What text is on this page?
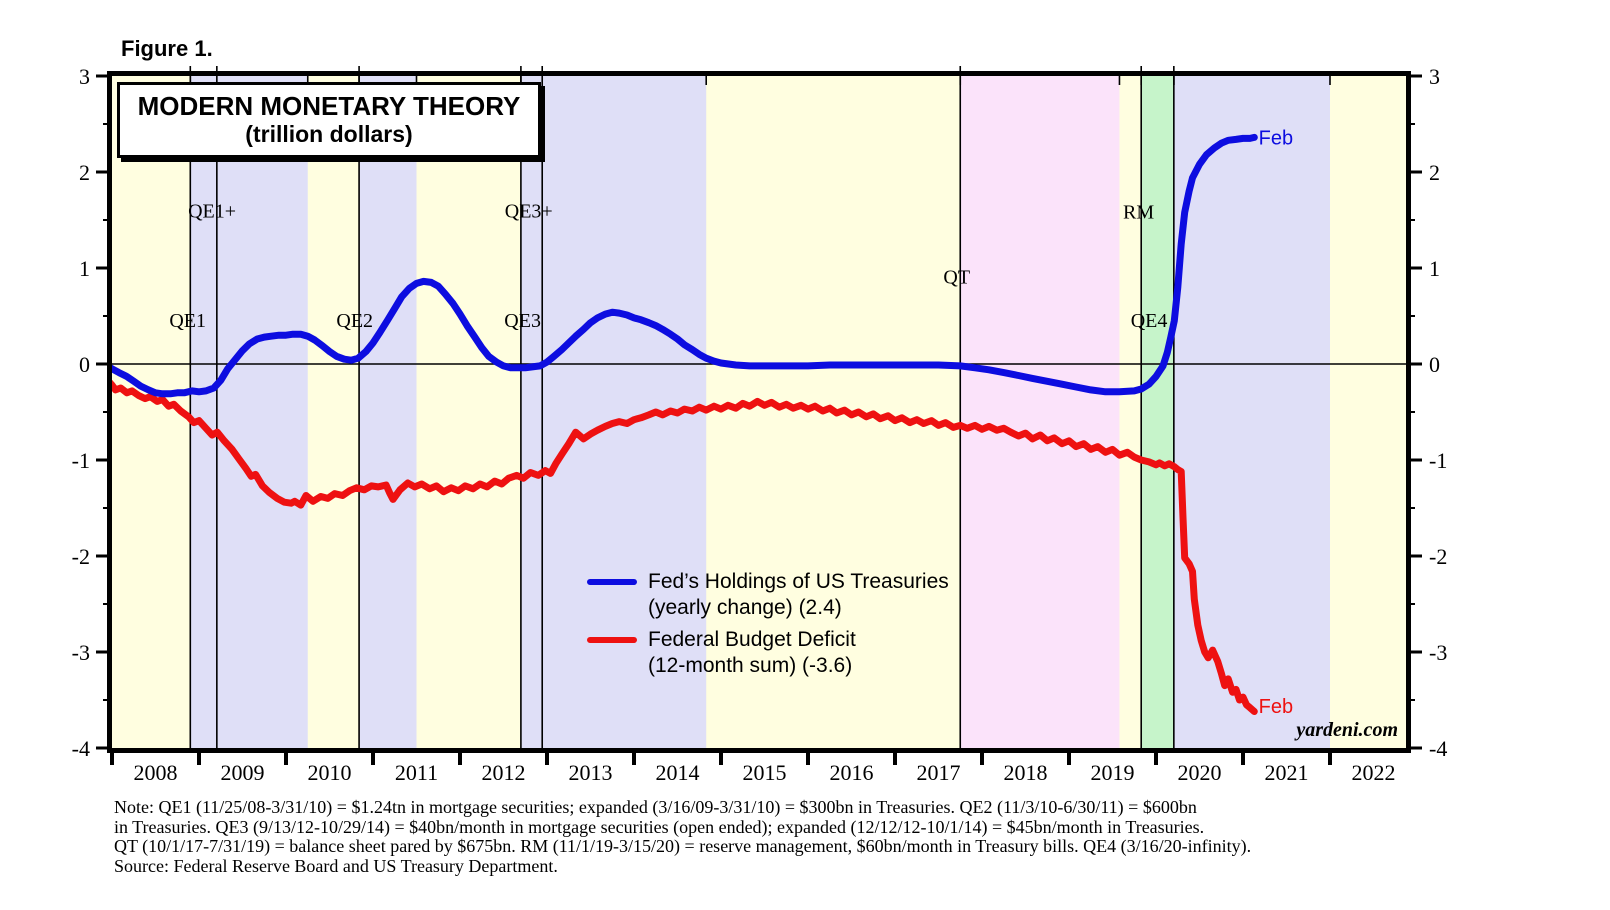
3	3
2	2
1	1
0	0
-1	-1
-2	-2
-3	-3
-4	-4
2008 2009 2010 2011 2012 2013 2014 2015 2016 2017 2018 2019 2020 2021 2022
QE1
QE1+
QE2	QE3
QE3+
QT
RM
QE4
Feb
Feb
Figure 1.
MODERN MONETARY THEORY
(trillion dollars)
Fed’s Holdings of US Treasuries
(yearly change) (2.4)
Federal Budget Deficit
(12-month sum) (-3.6)
yardeni.com
Note: QE1 (11/25/08-3/31/10) = $1.24tn in mortgage securities; expanded (3/16/09-3/31/10) = $300bn in Treasuries. QE2 (11/3/10-6/30/11) = $600bn
in Treasuries. QE3 (9/13/12-10/29/14) = $40bn/month in mortgage securities (open ended); expanded (12/12/12-10/1/14) = $45bn/month in Treasuries.
QT (10/1/17-7/31/19) = balance sheet pared by $675bn. RM (11/1/19-3/15/20) = reserve management, $60bn/month in Treasury bills. QE4 (3/16/20-infinity).
Source: Federal Reserve Board and US Treasury Department.
